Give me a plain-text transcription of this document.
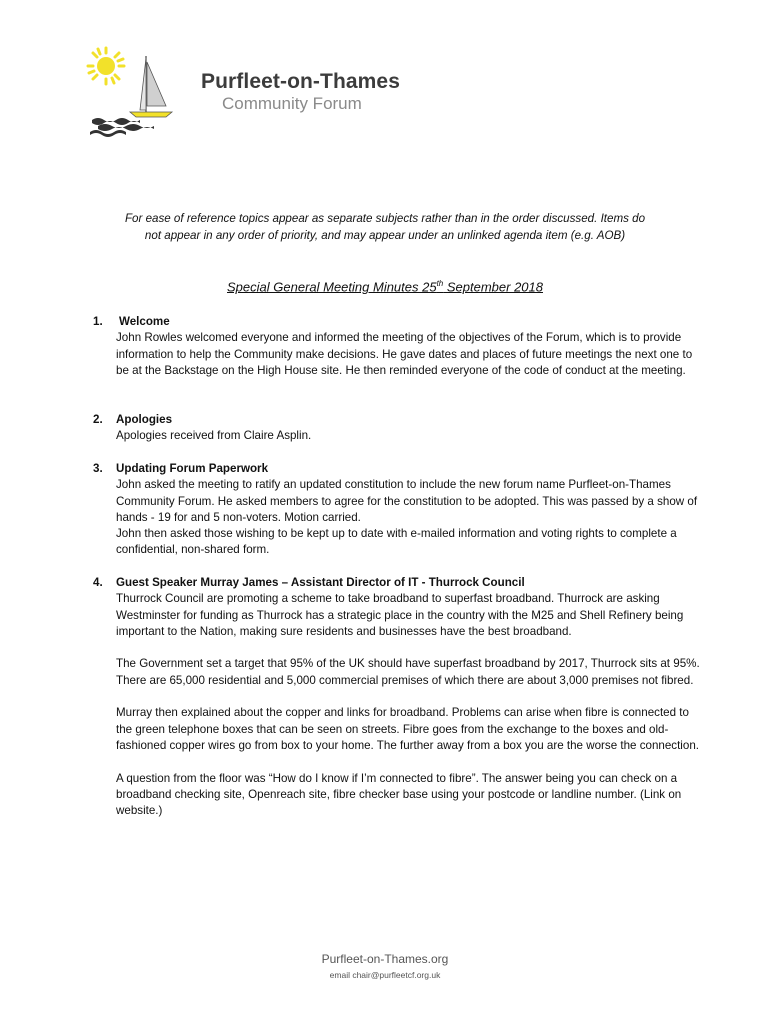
Purfleet-on-Thames
Community Forum
For ease of reference topics appear as separate subjects rather than in the order discussed. Items do not appear in any order of priority, and may appear under an unlinked agenda item (e.g. AOB)
Special General Meeting Minutes 25th September 2018
1. Welcome
John Rowles welcomed everyone and informed the meeting of the objectives of the Forum, which is to provide information to help the Community make decisions. He gave dates and places of future meetings the next one to be at the Backstage on the High House site. He then reminded everyone of the code of conduct at the meeting.
2. Apologies
Apologies received from Claire Asplin.
3. Updating Forum Paperwork
John asked the meeting to ratify an updated constitution to include the new forum name Purfleet-on-Thames Community Forum. He asked members to agree for the constitution to be adopted. This was passed by a show of hands - 19 for and 5 non-voters. Motion carried.
John then asked those wishing to be kept up to date with e-mailed information and voting rights to complete a confidential, non-shared form.
4. Guest Speaker Murray James – Assistant Director of IT - Thurrock Council
Thurrock Council are promoting a scheme to take broadband to superfast broadband. Thurrock are asking Westminster for funding as Thurrock has a strategic place in the country with the M25 and Shell Refinery being important to the Nation, making sure residents and businesses have the best broadband.
The Government set a target that 95% of the UK should have superfast broadband by 2017, Thurrock sits at 95%. There are 65,000 residential and 5,000 commercial premises of which there are about 3,000 premises not fibred.
Murray then explained about the copper and links for broadband. Problems can arise when fibre is connected to the green telephone boxes that can be seen on streets. Fibre goes from the exchange to the boxes and old-fashioned copper wires go from box to your home. The further away from a box you are the worse the connection.
A question from the floor was “How do I know if I’m connected to fibre”. The answer being you can check on a broadband checking site, Openreach site, fibre checker base using your postcode or landline number. (Link on website.)
Purfleet-on-Thames.org
email chair@purfleetcf.org.uk
